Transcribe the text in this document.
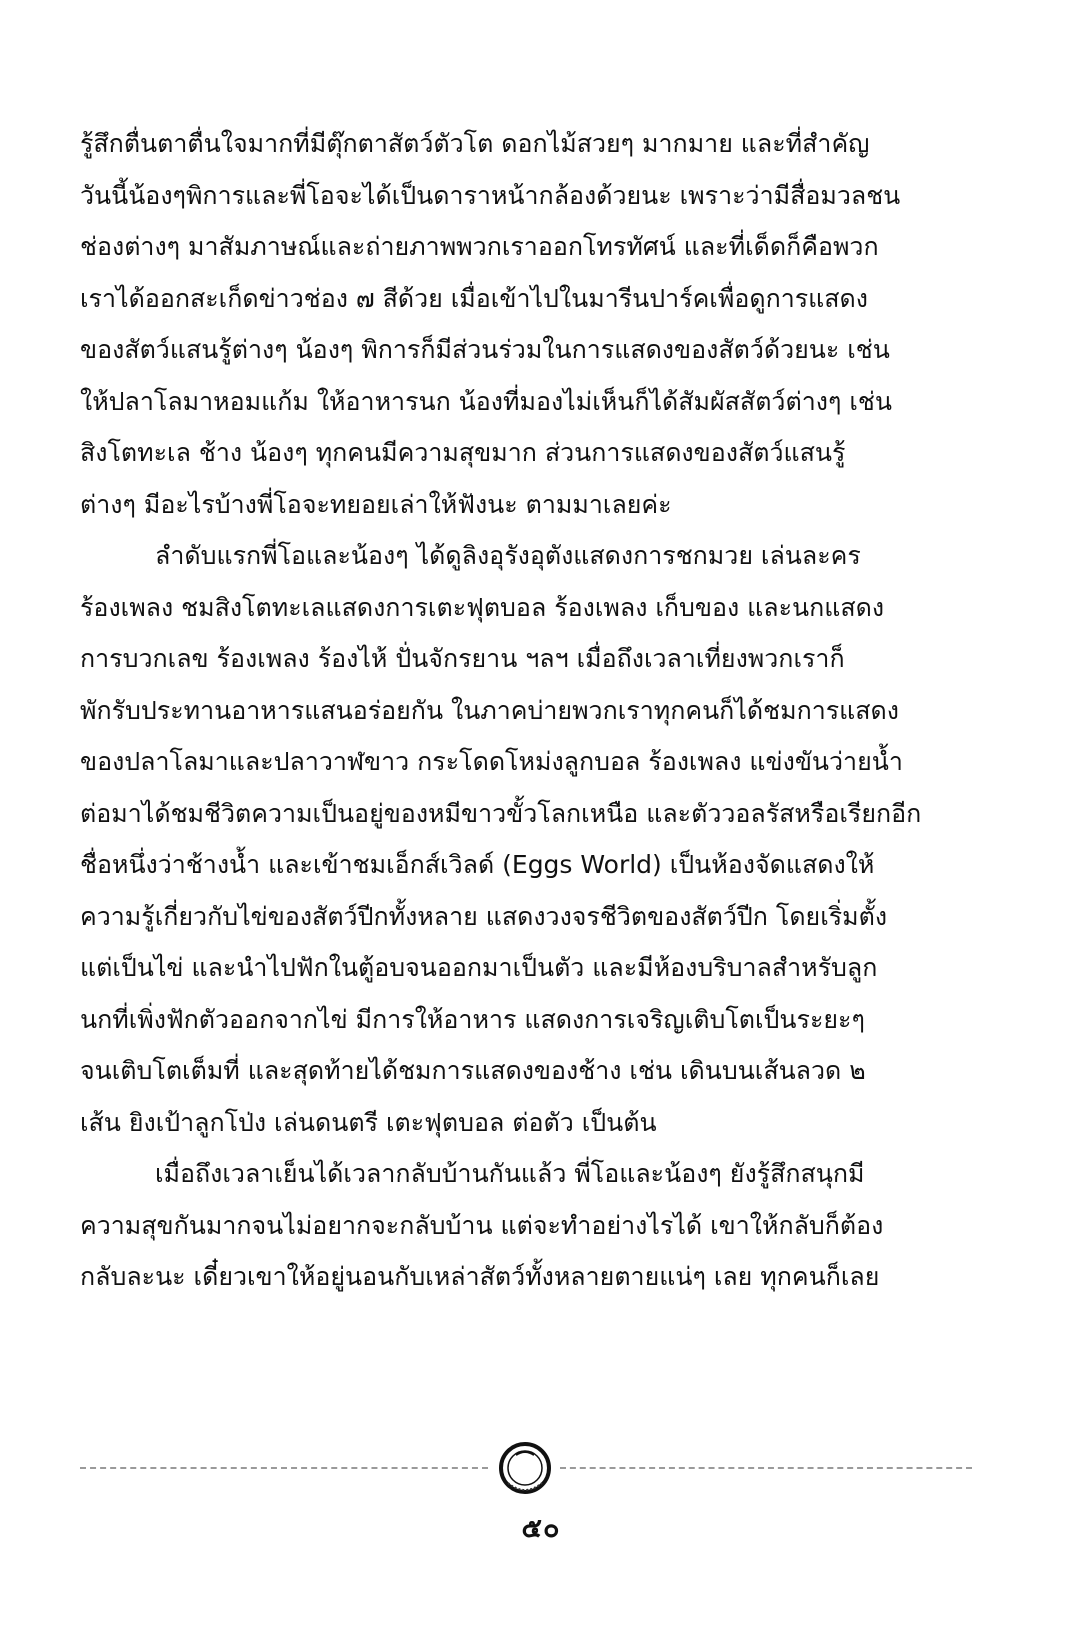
รู้สึกตื่นตาตื่นใจมากที่มีตุ๊กตาสัตว์ตัวโต ดอกไม้สวยๆ มากมาย และที่สำคัญ
วันนี้น้องๆพิการและพี่โอจะได้เป็นดาราหน้ากล้องด้วยนะ เพราะว่ามีสื่อมวลชน
ช่องต่างๆ มาสัมภาษณ์และถ่ายภาพพวกเราออกโทรทัศน์ และที่เด็ดก็คือพวก
เราได้ออกสะเก็ดข่าวช่อง ๗ สีด้วย เมื่อเข้าไปในมารีนปาร์คเพื่อดูการแสดง
ของสัตว์แสนรู้ต่างๆ น้องๆ พิการก็มีส่วนร่วมในการแสดงของสัตว์ด้วยนะ เช่น
ให้ปลาโลมาหอมแก้ม ให้อาหารนก น้องที่มองไม่เห็นก็ได้สัมผัสสัตว์ต่างๆ เช่น
สิงโตทะเล ช้าง น้องๆ ทุกคนมีความสุขมาก ส่วนการแสดงของสัตว์แสนรู้
ต่างๆ มีอะไรบ้างพี่โอจะทยอยเล่าให้ฟังนะ ตามมาเลยค่ะ
ลำดับแรกพี่โอและน้องๆ ได้ดูลิงอุรังอุตังแสดงการชกมวย เล่นละคร
ร้องเพลง ชมสิงโตทะเลแสดงการเตะฟุตบอล ร้องเพลง เก็บของ และนกแสดง
การบวกเลข ร้องเพลง ร้องไห้ ปั่นจักรยาน ฯลฯ เมื่อถึงเวลาเที่ยงพวกเราก็
พักรับประทานอาหารแสนอร่อยกัน ในภาคบ่ายพวกเราทุกคนก็ได้ชมการแสดง
ของปลาโลมาและปลาวาฬขาว กระโดดโหม่งลูกบอล ร้องเพลง แข่งขันว่ายน้ำ
ต่อมาได้ชมชีวิตความเป็นอยู่ของหมีขาวขั้วโลกเหนือ และตัววอลรัสหรือเรียกอีก
ชื่อหนึ่งว่าช้างน้ำ และเข้าชมเอ็กส์เวิลด์ (Eggs World) เป็นห้องจัดแสดงให้
ความรู้เกี่ยวกับไข่ของสัตว์ปีกทั้งหลาย แสดงวงจรชีวิตของสัตว์ปีก โดยเริ่มตั้ง
แต่เป็นไข่ และนำไปฟักในตู้อบจนออกมาเป็นตัว และมีห้องบริบาลสำหรับลูก
นกที่เพิ่งฟักตัวออกจากไข่ มีการให้อาหาร แสดงการเจริญเติบโตเป็นระยะๆ
จนเติบโตเต็มที่ และสุดท้ายได้ชมการแสดงของช้าง เช่น เดินบนเส้นลวด ๒
เส้น ยิงเป้าลูกโป่ง เล่นดนตรี เตะฟุตบอล ต่อตัว เป็นต้น
เมื่อถึงเวลาเย็นได้เวลากลับบ้านกันแล้ว พี่โอและน้องๆ ยังรู้สึกสนุกมี
ความสุขกันมากจนไม่อยากจะกลับบ้าน แต่จะทำอย่างไรได้ เขาให้กลับก็ต้อง
กลับละนะ เดี๋ยวเขาให้อยู่นอนกับเหล่าสัตว์ทั้งหลายตายแน่ๆ เลย ทุกคนก็เลย
๕๐
